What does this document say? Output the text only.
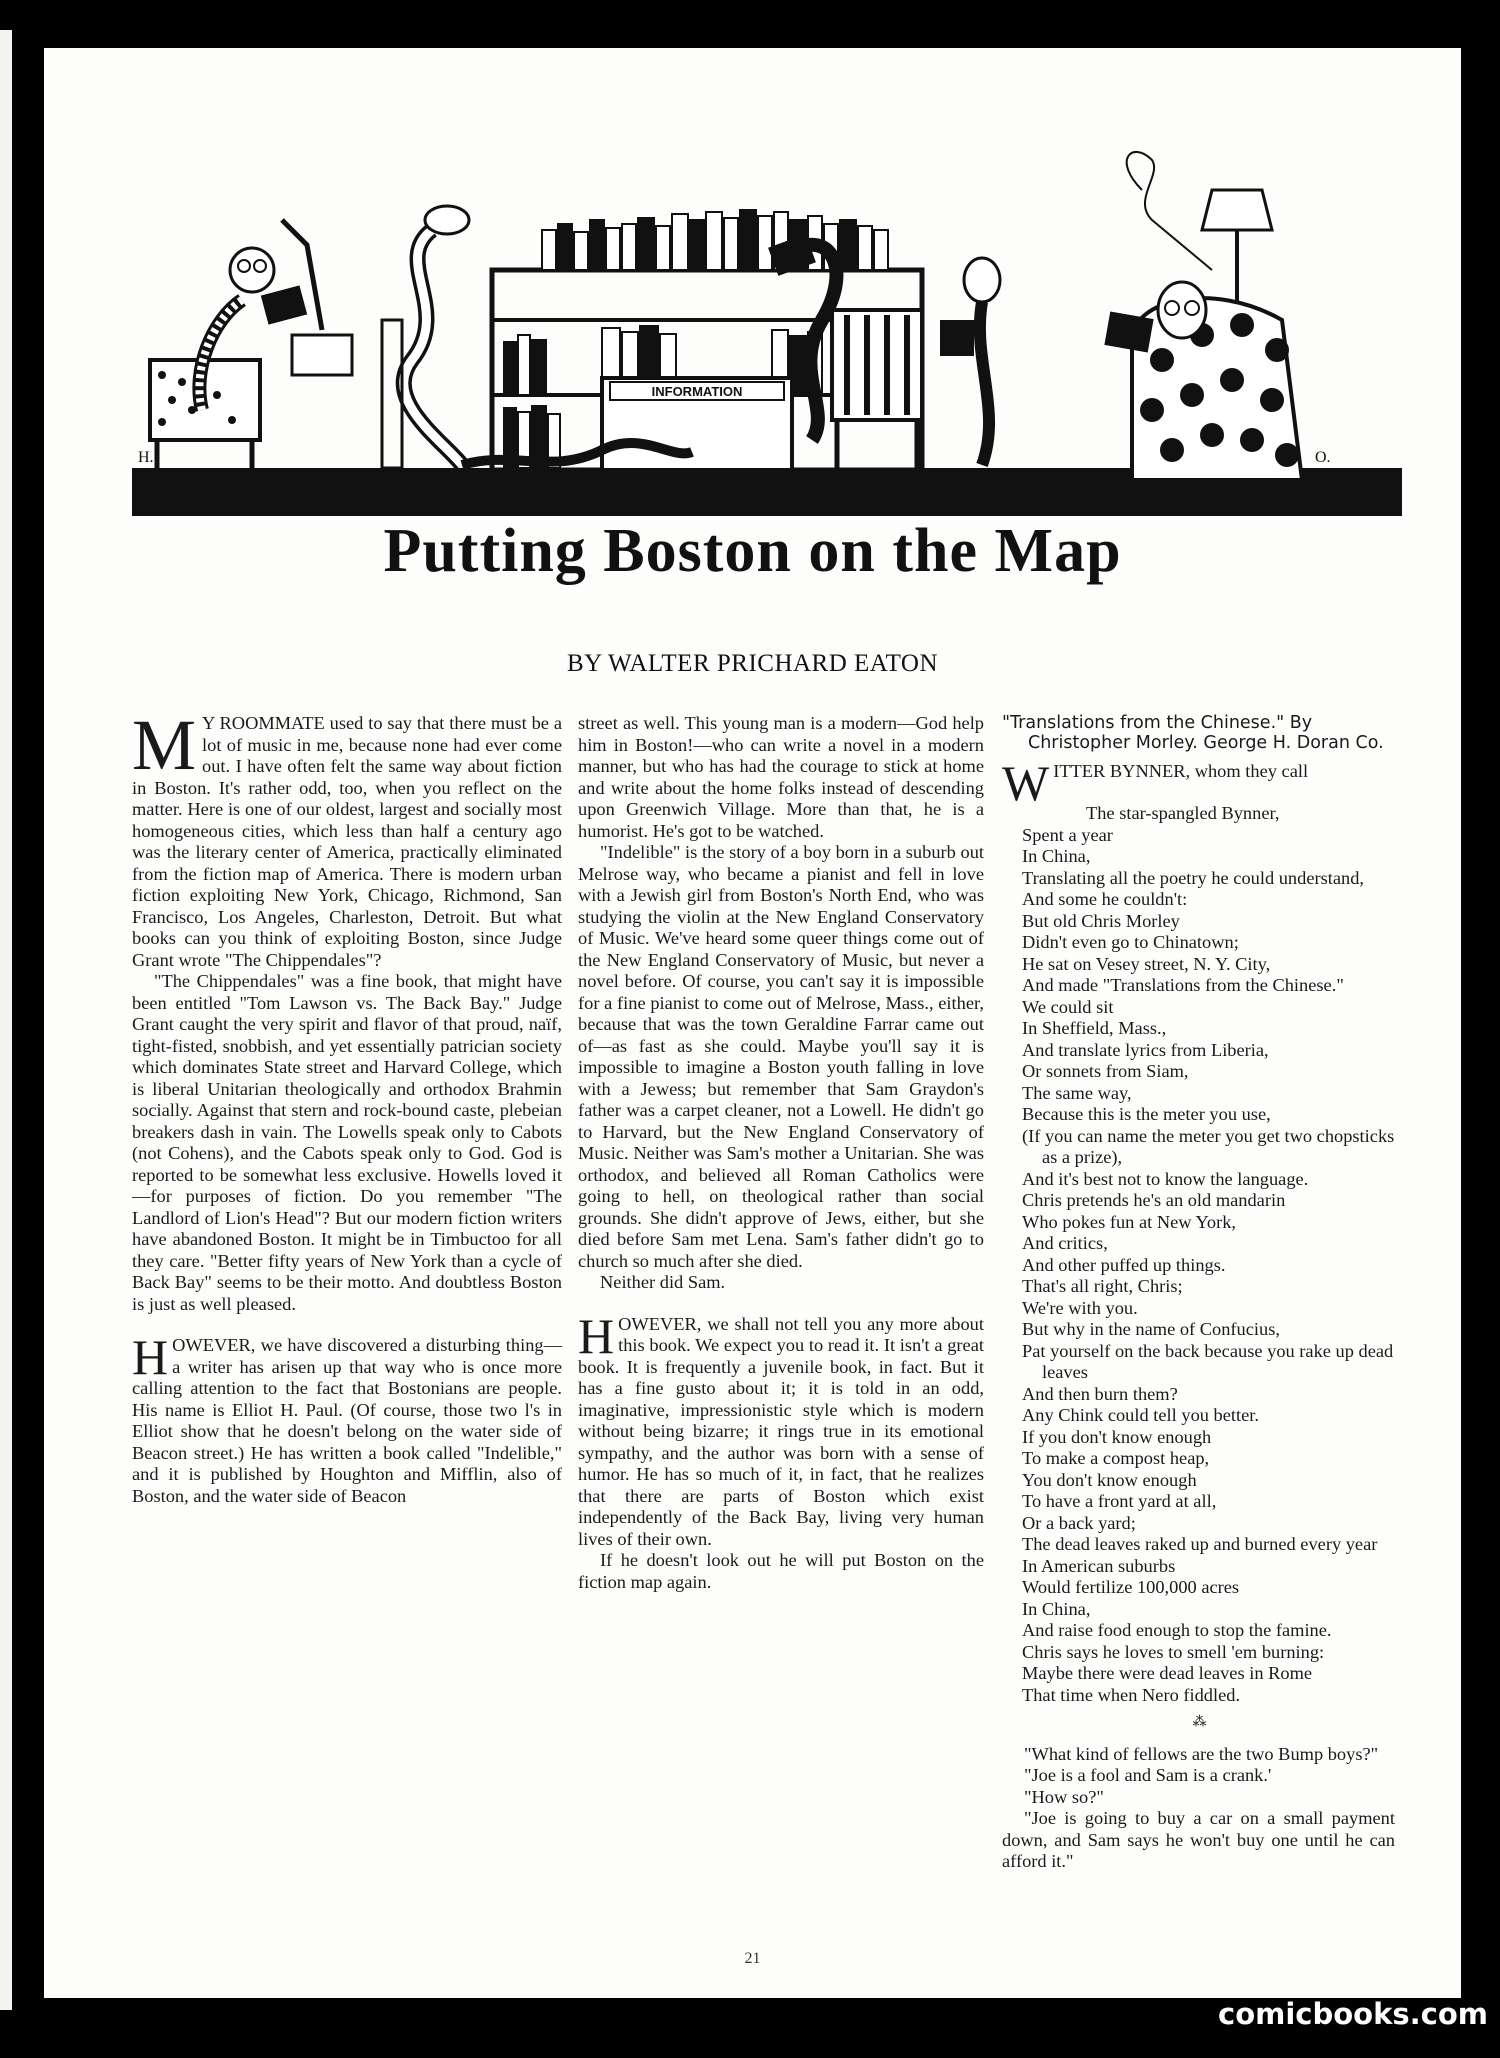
INFORMATION
H.	O.
Putting Boston on the Map
BY WALTER PRICHARD EATON

M Y ROOMMATE used to say that there must be a lot of music in me, because none had ever come out. I have often felt the same way about fiction in Boston. It's rather odd, too, when you reflect on the matter. Here is one of our oldest, largest and socially most homogeneous cities, which less than half a century ago was the literary center of America, practically eliminated from the fiction map of America. There is modern urban fiction exploiting New York, Chicago, Richmond, San Francisco, Los Angeles, Charleston, Detroit. But what books can you think of exploiting Boston, since Judge Grant wrote "The Chippendales"?

"The Chippendales" was a fine book, that might have been entitled "Tom Lawson vs. The Back Bay." Judge Grant caught the very spirit and flavor of that proud, naïf, tight-fisted, snobbish, and yet essentially patrician society which dominates State street and Harvard College, which is liberal Unitarian theologically and orthodox Brahmin socially. Against that stern and rock-bound caste, plebeian breakers dash in vain. The Lowells speak only to Cabots (not Cohens), and the Cabots speak only to God. God is reported to be somewhat less exclusive. Howells loved it—for purposes of fiction. Do you remember "The Landlord of Lion's Head"? But our modern fiction writers have abandoned Boston. It might be in Timbuctoo for all they care. "Better fifty years of New York than a cycle of Back Bay" seems to be their motto. And doubtless Boston is just as well pleased.

HOWEVER, we have discovered a disturbing thing—a writer has arisen up that way who is once more calling attention to the fact that Bostonians are people. His name is Elliot H. Paul. (Of course, those two l's in Elliot show that he doesn't belong on the water side of Beacon street.) He has written a book called "Indelible," and it is published by Houghton and Mifflin, also of Boston, and the water side of Beacon

street as well. This young man is a modern—God help him in Boston!—who can write a novel in a modern manner, but who has had the courage to stick at home and write about the home folks instead of descending upon Greenwich Village. More than that, he is a humorist. He's got to be watched.

"Indelible" is the story of a boy born in a suburb out Melrose way, who became a pianist and fell in love with a Jewish girl from Boston's North End, who was studying the violin at the New England Conservatory of Music. We've heard some queer things come out of the New England Conservatory of Music, but never a novel before. Of course, you can't say it is impossible for a fine pianist to come out of Melrose, Mass., either, because that was the town Geraldine Farrar came out of—as fast as she could. Maybe you'll say it is impossible to imagine a Boston youth falling in love with a Jewess; but remember that Sam Graydon's father was a carpet cleaner, not a Lowell. He didn't go to Harvard, but the New England Conservatory of Music. Neither was Sam's mother a Unitarian. She was orthodox, and believed all Roman Catholics were going to hell, on theological rather than social grounds. She didn't approve of Jews, either, but she died before Sam met Lena. Sam's father didn't go to church so much after she died.

Neither did Sam.

HOWEVER, we shall not tell you any more about this book. We expect you to read it. It isn't a great book. It is frequently a juvenile book, in fact. But it has a fine gusto about it; it is told in an odd, imaginative, impressionistic style which is modern without being bizarre; it rings true in its emotional sympathy, and the author was born with a sense of humor. He has so much of it, in fact, that he realizes that there are parts of Boston which exist independently of the Back Bay, living very human lives of their own.

If he doesn't look out he will put Boston on the fiction map again.

"Translations from the Chinese." By Christopher Morley. George H. Doran Co.

WITTER BYNNER, whom they call

The star-spangled Bynner,
Spent a year
In China,
Translating all the poetry he could understand,
And some he couldn't:
But old Chris Morley
Didn't even go to Chinatown;
He sat on Vesey street, N. Y. City,
And made "Translations from the Chinese."
We could sit
In Sheffield, Mass.,
And translate lyrics from Liberia,
Or sonnets from Siam,
The same way,
Because this is the meter you use,
(If you can name the meter you get two chopsticks as a prize),
And it's best not to know the language.
Chris pretends he's an old mandarin
Who pokes fun at New York,
And critics,
And other puffed up things.
That's all right, Chris;
We're with you.
But why in the name of Confucius,
Pat yourself on the back because you rake up dead leaves
And then burn them?
Any Chink could tell you better.
If you don't know enough
To make a compost heap,
You don't know enough
To have a front yard at all,
Or a back yard;
The dead leaves raked up and burned every year
In American suburbs
Would fertilize 100,000 acres
In China,
And raise food enough to stop the famine.
Chris says he loves to smell 'em burning:
Maybe there were dead leaves in Rome
That time when Nero fiddled.
⁂

"What kind of fellows are the two Bump boys?"

"Joe is a fool and Sam is a crank.'

"How so?"

"Joe is going to buy a car on a small payment down, and Sam says he won't buy one until he can afford it."

21
comicbooks.com
